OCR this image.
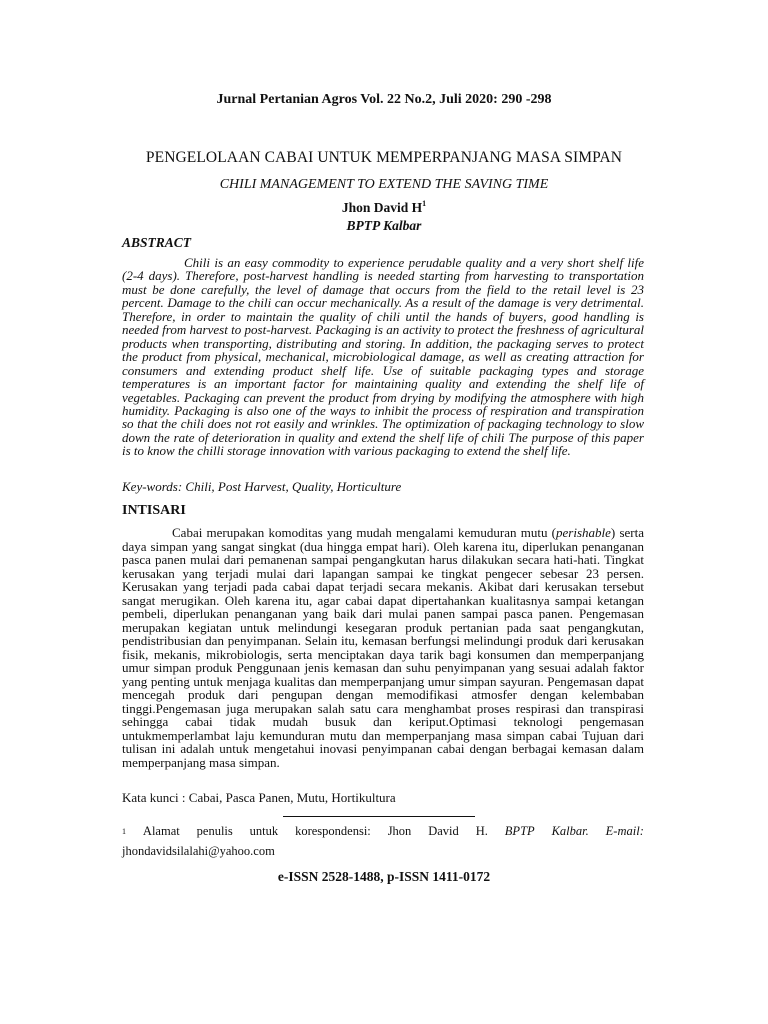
Jurnal Pertanian Agros Vol. 22 No.2, Juli 2020: 290 -298
PENGELOLAAN CABAI UNTUK MEMPERPANJANG MASA SIMPAN
CHILI MANAGEMENT TO EXTEND THE SAVING TIME
Jhon David $H^1$
BPTP Kalbar
ABSTRACT
Chili is an easy commodity to experience perudable quality and a very short shelf life (2-4 days). Therefore, post-harvest handling is needed starting from harvesting to transportation must be done carefully, the level of damage that occurs from the field to the retail level is 23 percent. Damage to the chili can occur mechanically. As a result of the damage is very detrimental. Therefore, in order to maintain the quality of chili until the hands of buyers, good handling is needed from harvest to post-harvest. Packaging is an activity to protect the freshness of agricultural products when transporting, distributing and storing. In addition, the packaging serves to protect the product from physical, mechanical, microbiological damage, as well as creating attraction for consumers and extending product shelf life. Use of suitable packaging types and storage temperatures is an important factor for maintaining quality and extending the shelf life of vegetables. Packaging can prevent the product from drying by modifying the atmosphere with high humidity. Packaging is also one of the ways to inhibit the process of respiration and transpiration so that the chili does not rot easily and wrinkles. The optimization of packaging technology to slow down the rate of deterioration in quality and extend the shelf life of chili The purpose of this paper is to know the chilli storage innovation with various packaging to extend the shelf life.
Key-words: Chili, Post Harvest, Quality, Horticulture
INTISARI
Cabai merupakan komoditas yang mudah mengalami kemuduran mutu (perishable) serta daya simpan yang sangat singkat (dua hingga empat hari). Oleh karena itu, diperlukan penanganan pasca panen mulai dari pemanenan sampai pengangkutan harus dilakukan secara hati-hati. Tingkat kerusakan yang terjadi mulai dari lapangan sampai ke tingkat pengecer sebesar 23 persen. Kerusakan yang terjadi pada cabai dapat terjadi secara mekanis. Akibat dari kerusakan tersebut sangat merugikan. Oleh karena itu, agar cabai dapat dipertahankan kualitasnya sampai ketangan pembeli, diperlukan penanganan yang baik dari mulai panen sampai pasca panen. Pengemasan merupakan kegiatan untuk melindungi kesegaran produk pertanian pada saat pengangkutan, pendistribusian dan penyimpanan. Selain itu, kemasan berfungsi melindungi produk dari kerusakan fisik, mekanis, mikrobiologis, serta menciptakan daya tarik bagi konsumen dan memperpanjang umur simpan produk Penggunaan jenis kemasan dan suhu penyimpanan yang sesuai adalah faktor yang penting untuk menjaga kualitas dan memperpanjang umur simpan sayuran. Pengemasan dapat mencegah produk dari pengupan dengan memodifikasi atmosfer dengan kelembaban tinggi.Pengemasan juga merupakan salah satu cara menghambat proses respirasi dan transpirasi sehingga cabai tidak mudah busuk dan keriput.Optimasi teknologi pengemasan untukmemperlambat laju kemunduran mutu dan memperpanjang masa simpan cabai Tujuan dari tulisan ini adalah untuk mengetahui inovasi penyimpanan cabai dengan berbagai kemasan dalam memperpanjang masa simpan.
Kata kunci : Cabai, Pasca Panen, Mutu, Hortikultura
$^1$ Alamat penulis untuk korespondensi: Jhon David H. BPTP Kalbar. E-mail:
jhondavidsilalahi@yahoo.com
e-ISSN 2528-1488, p-ISSN 1411-0172
